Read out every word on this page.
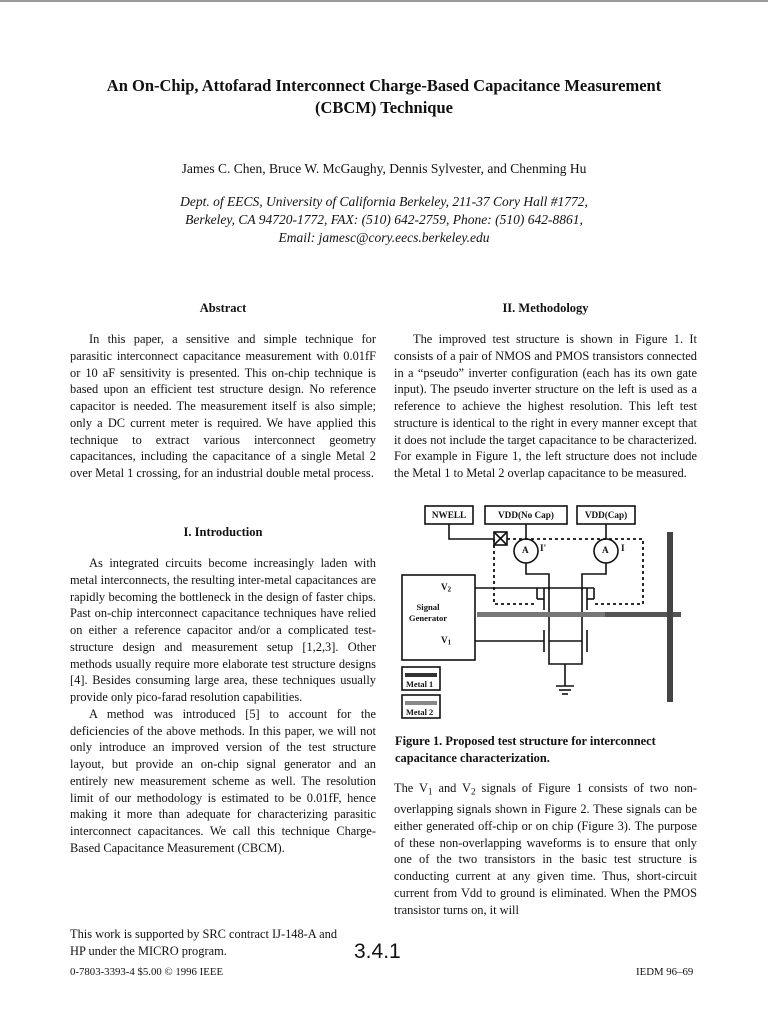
An On-Chip, Attofarad Interconnect Charge-Based Capacitance Measurement
(CBCM) Technique
James C. Chen, Bruce W. McGaughy, Dennis Sylvester, and Chenming Hu
Dept. of EECS, University of California Berkeley, 211-37 Cory Hall #1772,
Berkeley, CA 94720-1772, FAX: (510) 642-2759, Phone: (510) 642-8861,
Email: jamesc@cory.eecs.berkeley.edu
Abstract

In this paper, a sensitive and simple technique for parasitic interconnect capacitance measurement with 0.01fF or 10 aF sensitivity is presented. This on-chip technique is based upon an efficient test structure design. No reference capacitor is needed. The measurement itself is also simple; only a DC current meter is required. We have applied this technique to extract various interconnect geometry capacitances, including the capacitance of a single Metal 2 over Metal 1 crossing, for an industrial double metal process.

I. Introduction

As integrated circuits become increasingly laden with metal interconnects, the resulting inter-metal capacitances are rapidly becoming the bottleneck in the design of faster chips. Past on-chip interconnect capacitance techniques have relied on either a reference capacitor and/or a complicated test-structure design and measurement setup [1,2,3]. Other methods usually require more elaborate test structure designs [4]. Besides consuming large area, these techniques usually provide only pico-farad resolution capabilities.

A method was introduced [5] to account for the deficiencies of the above methods. In this paper, we will not only introduce an improved version of the test structure layout, but provide an on-chip signal generator and an entirely new measurement scheme as well. The resolution limit of our methodology is estimated to be 0.01fF, hence making it more than adequate for characterizing parasitic interconnect capacitances. We call this technique Charge-Based Capacitance Measurement (CBCM).

II. Methodology

The improved test structure is shown in Figure 1. It consists of a pair of NMOS and PMOS transistors connected in a “pseudo” inverter configuration (each has its own gate input). The pseudo inverter structure on the left is used as a reference to achieve the highest resolution. This left test structure is identical to the right in every manner except that it does not include the target capacitance to be characterized. For example in Figure 1, the left structure does not include the Metal 1 to Metal 2 overlap capacitance to be measured.

NWELL	VDD(No Cap)	VDD(Cap)
A	A
I'	I
$V_2$
Signal
Generator
$V_1$
Metal 1
Metal 2

Figure 1. Proposed test structure for interconnect capacitance characterization.

The $V_1$ and $V_2$ signals of Figure 1 consists of two non-overlapping signals shown in Figure 2. These signals can be either generated off-chip or on chip (Figure 3). The purpose of these non-overlapping waveforms is to ensure that only one of the two transistors in the basic test structure is conducting current at any given time. Thus, short-circuit current from Vdd to ground is eliminated. When the PMOS transistor turns on, it will

This work is supported by SRC contract IJ-148-A and
HP under the MICRO program.	3.4.1
0-7803-3393-4 $5.00 © 1996 IEEE	IEDM 96–69
